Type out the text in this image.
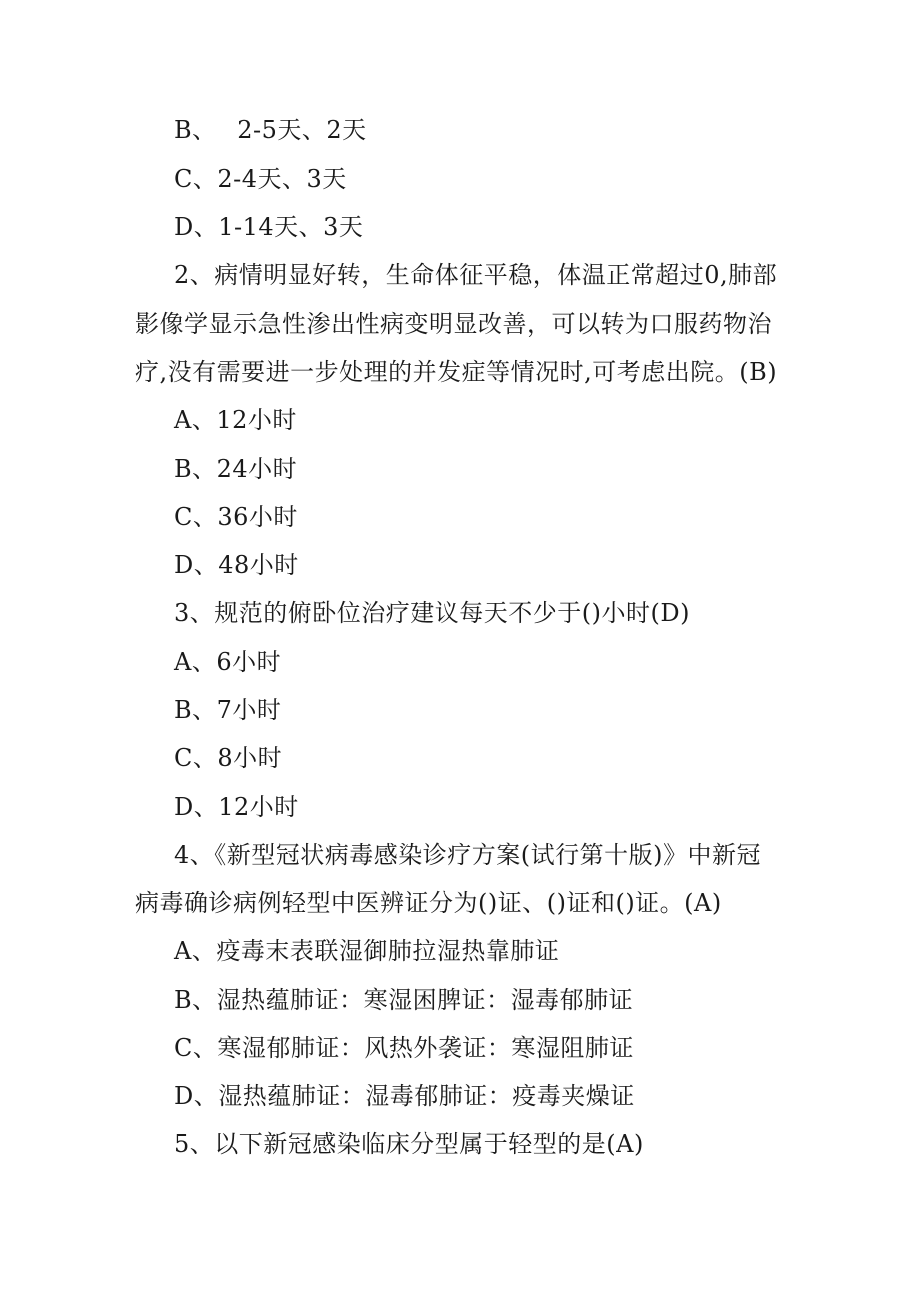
B、　 2-5天、2天
C、2-4天、3天
D、1-14天、3天
2、病情明显好转，生命体征平稳，体温正常超过0,肺部
影像学显示急性渗出性病变明显改善，可以转为口服药物治
疗,没有需要进一步处理的并发症等情况时,可考虑出院。(B)
A、12小时
B、24小时
C、36小时
D、48小时
3、规范的俯卧位治疗建议每天不少于()小时(D)
A、6小时
B、7小时
C、8小时
D、12小时
4、《新型冠状病毒感染诊疗方案(试行第十版)》中新冠
病毒确诊病例轻型中医辨证分为()证、()证和()证。(A)
A、疫毒末表联湿御肺拉湿热靠肺证
B、湿热蕴肺证：寒湿困脾证：湿毒郁肺证
C、寒湿郁肺证：风热外袭证：寒湿阻肺证
D、湿热蕴肺证：湿毒郁肺证：疫毒夹燥证
5、以下新冠感染临床分型属于轻型的是(A)
